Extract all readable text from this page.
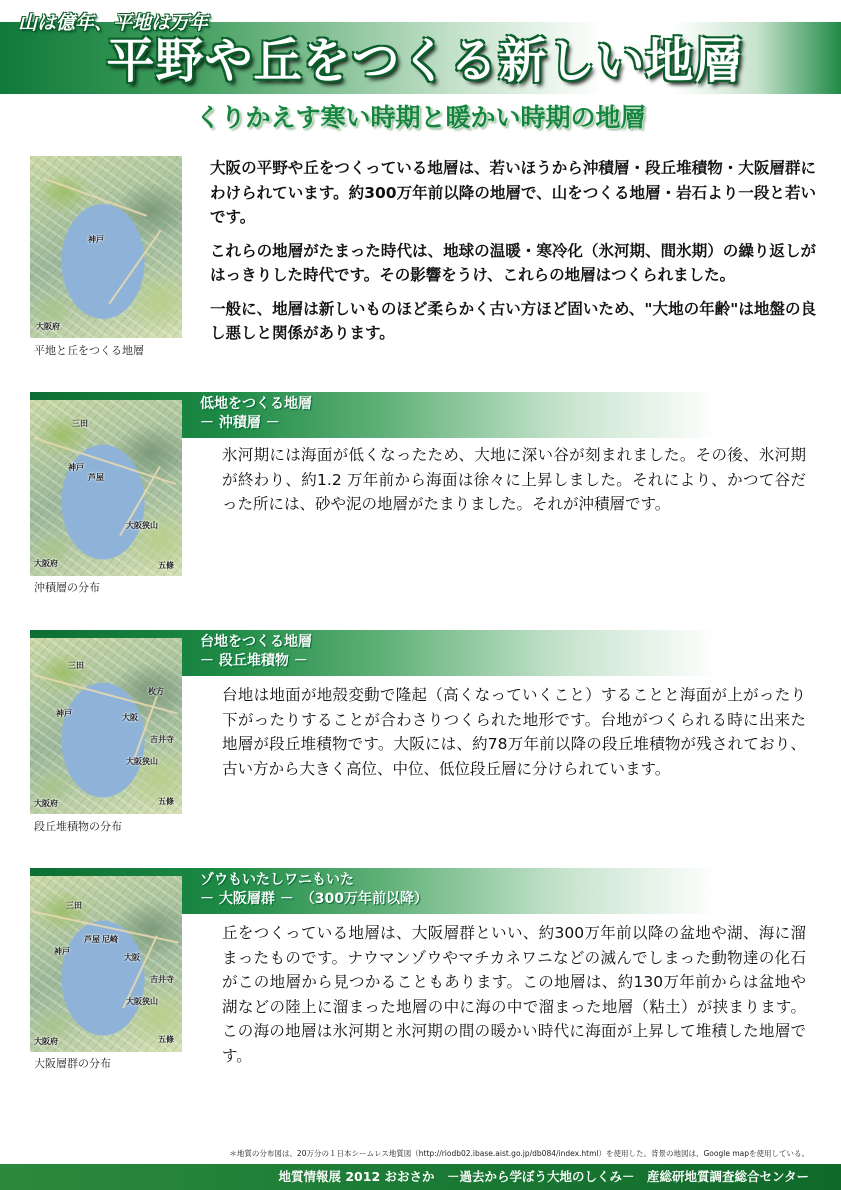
山は億年、平地は万年
平野や丘をつくる新しい地層
くりかえす寒い時期と暖かい時期の地層
神戸
大阪府
平地と丘をつくる地層

大阪の平野や丘をつくっている地層は、若いほうから沖積層・段丘堆積物・大阪層群にわけられています。約300万年前以降の地層で、山をつくる地層・岩石より一段と若いです。

これらの地層がたまった時代は、地球の温暖・寒冷化（氷河期、間氷期）の繰り返しがはっきりした時代です。その影響をうけ、これらの地層はつくられました。

一般に、地層は新しいものほど柔らかく古い方ほど固いため、"大地の年齢"は地盤の良し悪しと関係があります。

低地をつくる地層
－ 沖積層 －
三田
神戸
芦屋
大阪府
大阪狭山
五條
沖積層の分布
氷河期には海面が低くなったため、大地に深い谷が刻まれました。その後、氷河期が終わり、約1.2 万年前から海面は徐々に上昇しました。それにより、かつて谷だった所には、砂や泥の地層がたまりました。それが沖積層です。
台地をつくる地層
－ 段丘堆積物 －
三田
神戸
枚方
大阪
吉井寺
大阪狭山
五條
大阪府
段丘堆積物の分布
台地は地面が地殻変動で隆起（高くなっていくこと）することと海面が上がったり下がったりすることが合わさりつくられた地形です。台地がつくられる時に出来た地層が段丘堆積物です。大阪には、約78万年前以降の段丘堆積物が残されており、古い方から大きく高位、中位、低位段丘層に分けられています。
ゾウもいたしワニもいた
－ 大阪層群 －　（300万年前以降）
三田
芦屋 尼崎
神戸
大阪
吉井寺
大阪狭山
五條
大阪府
大阪層群の分布
丘をつくっている地層は、大阪層群といい、約300万年前以降の盆地や湖、海に溜まったものです。ナウマンゾウやマチカネワニなどの滅んでしまった動物達の化石がこの地層から見つかることもあります。この地層は、約130万年前からは盆地や湖などの陸上に溜まった地層の中に海の中で溜まった地層（粘土）が挟まります。この海の地層は氷河期と氷河期の間の暖かい時代に海面が上昇して堆積した地層です。
＊地質の分布図は、20万分の１日本シームレス地質図（http://riodb02.ibase.aist.go.jp/db084/index.html）を使用した。背景の地図は、Google mapを使用している。
地質情報展 2012 おおさか　－過去から学ぼう大地のしくみ－　産総研地質調査総合センター
